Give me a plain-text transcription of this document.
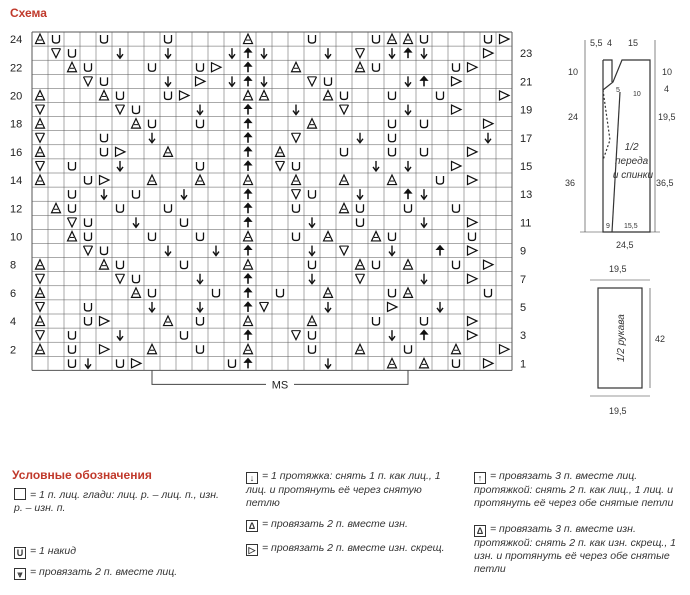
Схема
24
22
20
18
16
14
12
10
8
6
4
2
23
21
19
17
15
13
11
9
7
5
3
1
MS
5,5 4 15
10
24
36
10
4
19,5
36,5
5
10
15,5
9
24,5
1/2 переда и спинки
19,5
42
19,5
1/2 рукава
Условные обозначения
= 1 п. лиц. глади: лиц. р. – лиц. п., изн. р. – изн. п.
U = 1 накид
⩔ = провязать 2 п. вместе лиц.
↓ = 1 протяжка: снять 1 п. как лиц., 1 лиц. и протянуть её через снятую петлю
Δ = провязать 2 п. вместе изн.
▷ = провязать 2 п. вместе изн. скрещ.
↑ = провязать 3 п. вместе лиц. протяжкой: снять 2 п. как лиц., 1 лиц. и протянуть её через обе снятые петли
Δ = провязать 3 п. вместе изн. протяжкой: снять 2 п. как изн. скрещ., 1 изн. и протянуть её через обе снятые петли
